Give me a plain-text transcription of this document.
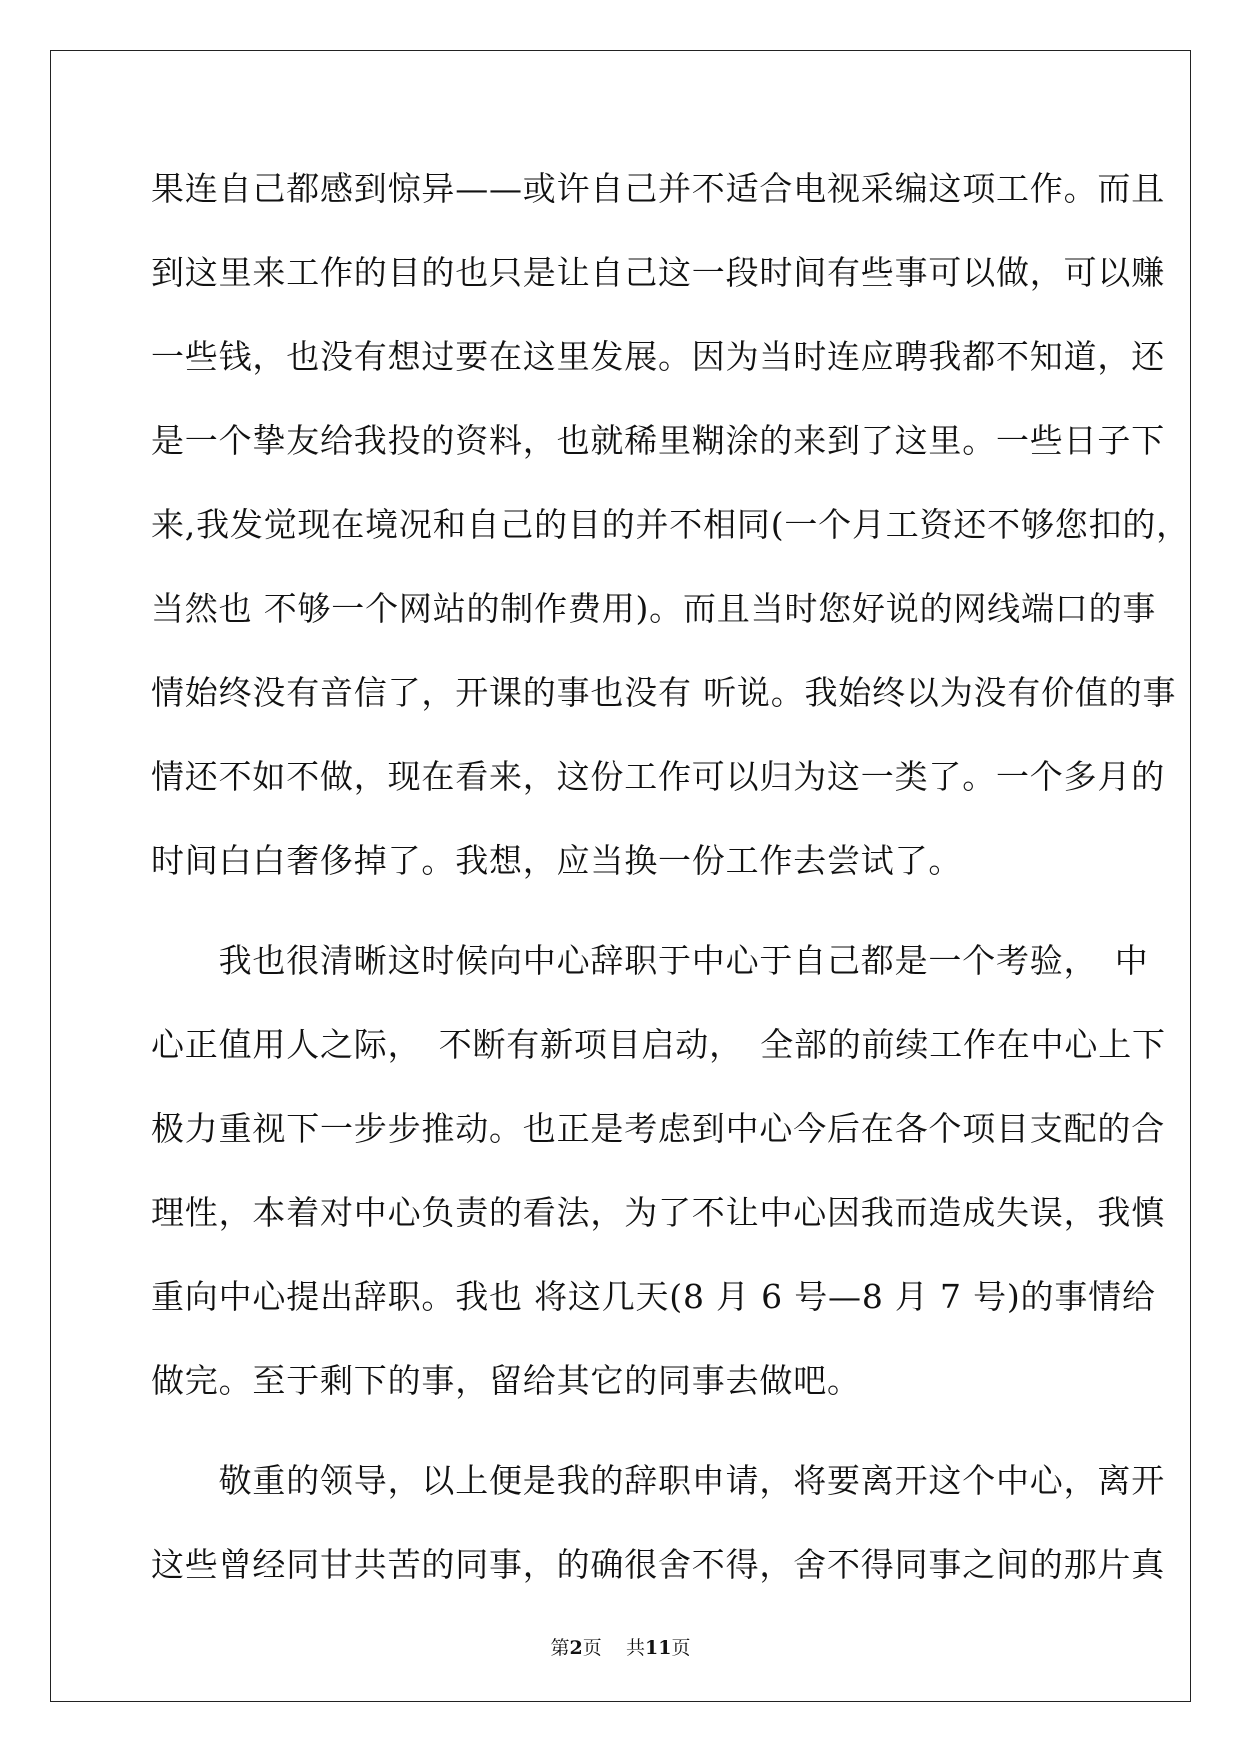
果连自己都感到惊异——或许自己并不适合电视采编这项工作。而且
到这里来工作的目的也只是让自己这一段时间有些事可以做，可以赚
一些钱，也没有想过要在这里发展。因为当时连应聘我都不知道，还
是一个挚友给我投的资料，也就稀里糊涂的来到了这里。一些日子下
来,我发觉现在境况和自己的目的并不相同(一个月工资还不够您扣的，
当然也 不够一个网站的制作费用)。而且当时您好说的网线端口的事
情始终没有音信了，开课的事也没有 听说。我始终以为没有价值的事
情还不如不做，现在看来，这份工作可以归为这一类了。一个多月的
时间白白奢侈掉了。我想，应当换一份工作去尝试了。
　　我也很清晰这时候向中心辞职于中心于自己都是一个考验，　中
心正值用人之际，　不断有新项目启动，　全部的前续工作在中心上下
极力重视下一步步推动。也正是考虑到中心今后在各个项目支配的合
理性，本着对中心负责的看法，为了不让中心因我而造成失误，我慎
重向中心提出辞职。我也 将这几天(8 月 6 号—8 月 7 号)的事情给
做完。至于剩下的事，留给其它的同事去做吧。
　　敬重的领导，以上便是我的辞职申请，将要离开这个中心，离开
这些曾经同甘共苦的同事，的确很舍不得，舍不得同事之间的那片真
第2页 共11页
